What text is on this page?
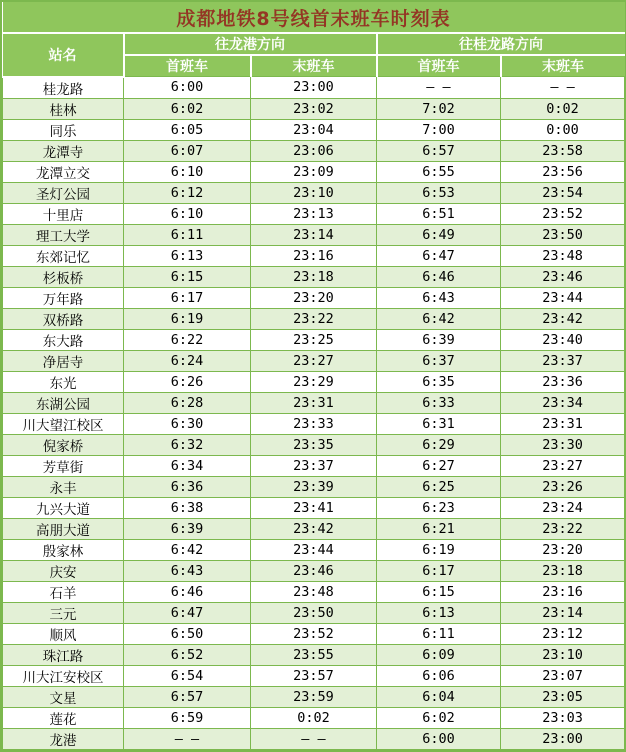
成都地铁8号线首末班车时刻表				
站名	往龙港方向		往桂龙路方向	
	首班车	末班车	首班车	末班车
桂龙路	6:00	23:00	— —	— —
桂林	6:02	23:02	7:02	0:02
同乐	6:05	23:04	7:00	0:00
龙潭寺	6:07	23:06	6:57	23:58
龙潭立交	6:10	23:09	6:55	23:56
圣灯公园	6:12	23:10	6:53	23:54
十里店	6:10	23:13	6:51	23:52
理工大学	6:11	23:14	6:49	23:50
东郊记忆	6:13	23:16	6:47	23:48
杉板桥	6:15	23:18	6:46	23:46
万年路	6:17	23:20	6:43	23:44
双桥路	6:19	23:22	6:42	23:42
东大路	6:22	23:25	6:39	23:40
净居寺	6:24	23:27	6:37	23:37
东光	6:26	23:29	6:35	23:36
东湖公园	6:28	23:31	6:33	23:34
川大望江校区	6:30	23:33	6:31	23:31
倪家桥	6:32	23:35	6:29	23:30
芳草街	6:34	23:37	6:27	23:27
永丰	6:36	23:39	6:25	23:26
九兴大道	6:38	23:41	6:23	23:24
高朋大道	6:39	23:42	6:21	23:22
殷家林	6:42	23:44	6:19	23:20
庆安	6:43	23:46	6:17	23:18
石羊	6:46	23:48	6:15	23:16
三元	6:47	23:50	6:13	23:14
顺风	6:50	23:52	6:11	23:12
珠江路	6:52	23:55	6:09	23:10
川大江安校区	6:54	23:57	6:06	23:07
文星	6:57	23:59	6:04	23:05
莲花	6:59	0:02	6:02	23:03
龙港	— —	— —	6:00	23:00
